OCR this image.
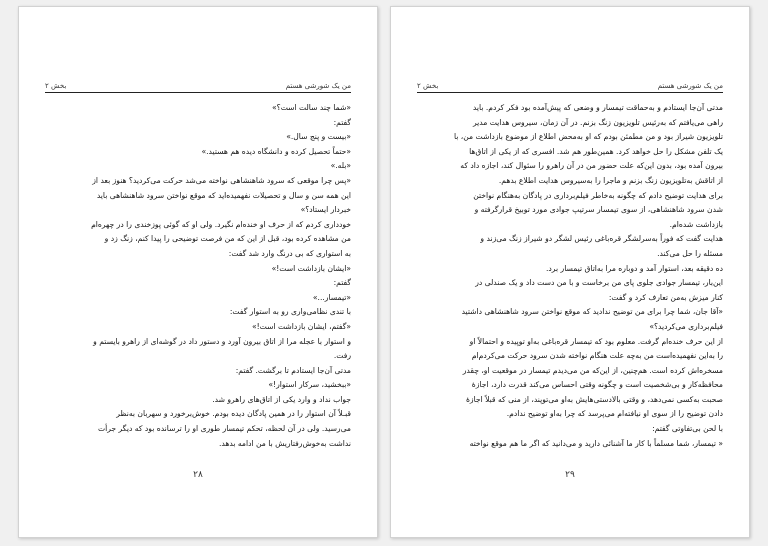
من یک شورشی هستم
بخش ۲
«شما چند سالت است؟»
گفتم:
«بیست و پنج سال.»
«حتماً تحصیل کرده و دانشگاه دیده هم هستید.»
«بله.»
«پس چرا موقعی که سرود شاهنشاهی نواخته می‌شد حرکت می‌کردید؟ هنوز بعد از
این همه سن و سال و تحصیلات نفهمیده‌اید که موقع نواختن سرود شاهنشاهی باید
خبردار ایستاد؟»
خودداری کردم که از حرف او خنده‌ام نگیرد. ولی او که گوئی پوزخندی را در چهره‌ام
من مشاهده کرده بود، قبل از این که من فرصت توضیحی را پیدا کنم، زنگ زد و
به استواری که بی درنگ وارد شد گفت:
«ایشان بازداشت است!»
گفتم:
«تیمسار...»
با تندی نظامی‌واری رو به استوار گفت:
«گفتم، ایشان بازداشت است!»
و استوار با عجله مرا از اتاق بیرون آورد و دستور داد در گوشه‌ای از راهرو بایستم و
رفت.
مدتی آن‌جا ایستادم تا برگشت. گفتم:
«ببخشید، سرکار استوار!»
جواب نداد و وارد یکی از اتاق‌های راهرو شد.
قبـلاً آن استوار را در همین پادگان دیده بودم. خوش‌برخورد و سهربان به‌نظر
می‌رسید. ولی در آن لحظه، تحکم تیمسار طوری او را ترسانده بود که دیگر جرأت
نداشت به‌خوش‌رفتاریش با من ادامه بدهد.
۲۸
من یک شورشی هستم
بخش ۲
مدتی آن‌جا ایستادم و به‌حماقت تیمسار و وضعی که پیش‌آمده بود فکر کردم. باید
راهی می‌یافتم که به‌رئیس تلویزیون زنگ بزنم. در آن زمان، سیروس هدایت مدیر
تلویزیون شیراز بود و من مطمئن بودم که او به‌محض اطلاع از موضوع بازداشت من، با
یک تلفن مشکل را حل خواهد کرد. همین‌طور هم شد. افسری که از یکی از اتاق‌ها
بیرون آمده بود، بدون این‌که علت حضور من در آن راهرو را سئوال کند، اجازه داد که
از اتاقش به‌تلویزیون زنگ بزنم و ماجرا را به‌سیروس هدایت اطلاع بدهم.
برای هدایت توضیح دادم که چگونه به‌خاطر فیلم‌برداری در پادگان به‌هنگام نواختن
شدن سرود شاهنشاهی، از سوی تیمسار سرتیپ جوادی مورد توبیخ قرارگرفته و
بازداشت شده‌ام.
هدایت گفت که فوراً به‌سرلشگر قره‌باغی رئیس لشگر دو شیراز زنگ می‌زند و
مسئله را حل می‌کند.
ده دقیقه بعد، استوار آمد و دوباره مرا به‌اتاق تیمسار برد.
این‌بار، تیمسار جوادی جلوی پای من برخاست و با من دست داد و یک صندلی در
کنار میزش به‌من تعارف کرد و گفت:
«آقا جان، شما چرا برای من توضیح ندادید که موقع نواختن سرود شاهنشاهی داشتید
فیلم‌برداری می‌کردید؟»
از این حرف خنده‌ام گرفت. معلوم بود که تیمسار قره‌باغی به‌او توپیده و احتمالاً او
را به‌این نفهمیده‌است من به‌چه علت هنگام نواخته شدن سرود حرکت می‌کردم‌ام
مسخره‌اش کرده است. هم‌چنین، از این‌که من می‌دیدم تیمسار در موقعیت او، چقدر
محافظه‌کار و بی‌شخصیت است و چگونه وقتی احساس می‌کند قدرت دارد، اجازهٔ
صحبت به‌کسی نمی‌دهد، و وقتی بالادستی‌هایش به‌او می‌توپند، از منی که قبلاً اجازهٔ
دادن توضیح را از سوی او نیافته‌ام می‌پرسد که چرا به‌او توضیح ندادم.
با لحن بی‌تفاوتی گفتم:
« تیمسار، شما مسلماً با کار ما آشنائی دارید و می‌دانید که اگر ما هم موقع نواخته
۲۹
